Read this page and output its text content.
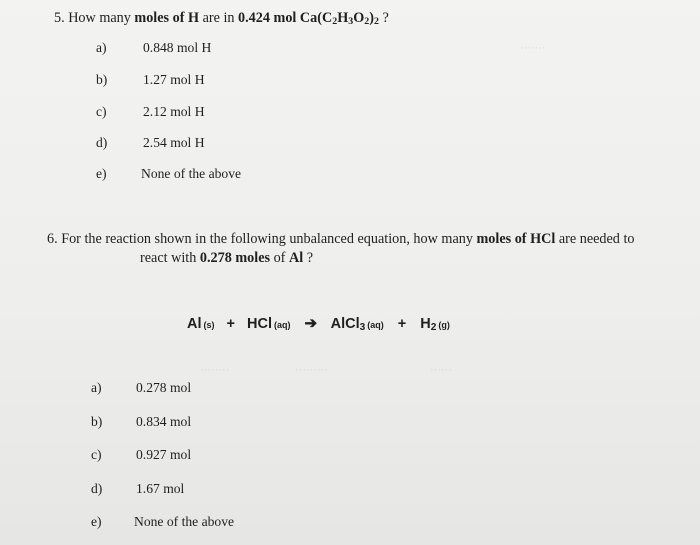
·······
········	·········	······
5. How many moles of H are in 0.424 mol $Ca(C_2H_3O_2)_2$ ?
a)	0.848 mol H
b)	1.27 mol H
c)	2.12 mol H
d)	2.54 mol H
e)	None of the above
6. For the reaction shown in the following unbalanced equation, how many moles of HCl are needed to
react with 0.278 moles of Al ?
Al (s) + HCl (aq) ➔ AlCl$_3$ $(aq) + H_2$ (g)
a)	0.278 mol
b) 0.834 mol
c)	0.927 mol
d) 1.67 mol
e) None of the above
